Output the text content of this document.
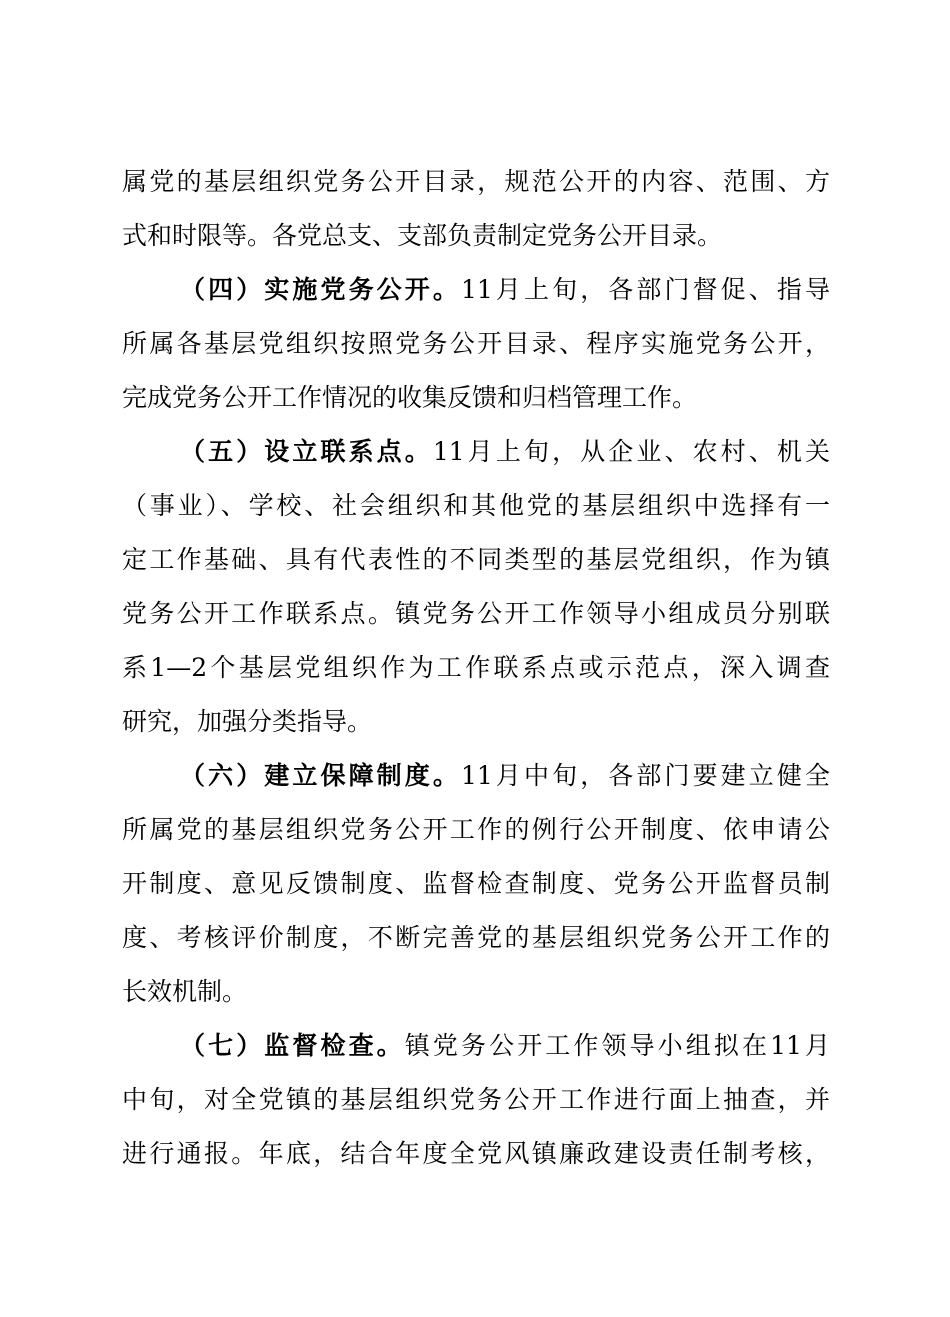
属党的基层组织党务公开目录，规范公开的内容、范围、方
式和时限等。各党总支、支部负责制定党务公开目录。
（四）实施党务公开。11月上旬，各部门督促、指导
所属各基层党组织按照党务公开目录、程序实施党务公开，
完成党务公开工作情况的收集反馈和归档管理工作。
（五）设立联系点。11月上旬，从企业、农村、机关
（事业）、学校、社会组织和其他党的基层组织中选择有一
定工作基础、具有代表性的不同类型的基层党组织，作为镇
党务公开工作联系点。镇党务公开工作领导小组成员分别联
系1—2个基层党组织作为工作联系点或示范点，深入调查
研究，加强分类指导。
（六）建立保障制度。11月中旬，各部门要建立健全
所属党的基层组织党务公开工作的例行公开制度、依申请公
开制度、意见反馈制度、监督检查制度、党务公开监督员制
度、考核评价制度，不断完善党的基层组织党务公开工作的
长效机制。
（七）监督检查。镇党务公开工作领导小组拟在11月
中旬，对全党镇的基层组织党务公开工作进行面上抽查，并
进行通报。年底，结合年度全党风镇廉政建设责任制考核，
